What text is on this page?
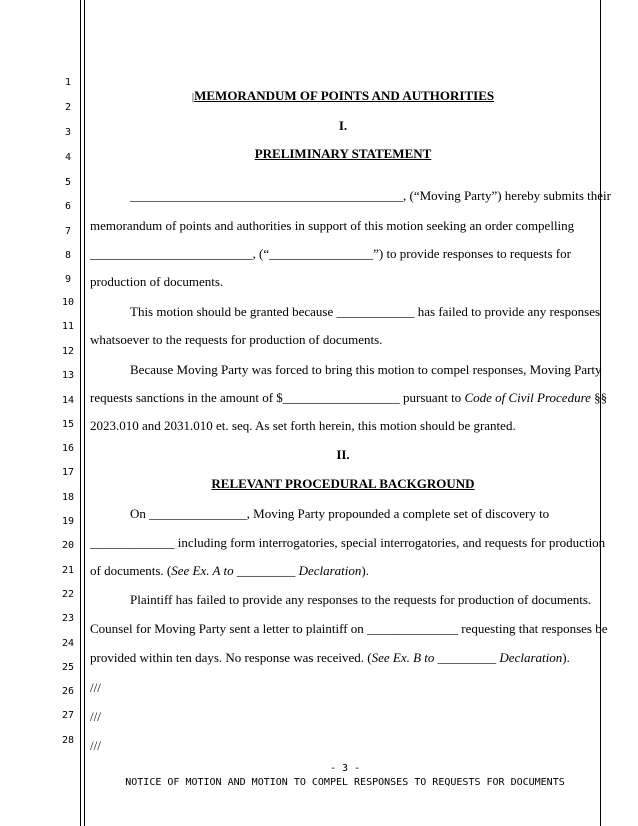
1
2
3
4
5
6
7
8
9
10
11
12
13
14
15
16
17
18
19
20
21
22
23
24
25
26
27
28
|MEMORANDUM OF POINTS AND AUTHORITIES
I.
PRELIMINARY STATEMENT
__________________________________________, (“Moving Party”) hereby submits their
memorandum of points and authorities in support of this motion seeking an order compelling
_________________________, (“________________”) to provide responses to requests for
production of documents.
This motion should be granted because ____________ has failed to provide any responses
whatsoever to the requests for production of documents.
Because Moving Party was forced to bring this motion to compel responses, Moving Party
requests sanctions in the amount of $__________________ pursuant to Code of Civil Procedure §§
2023.010 and 2031.010 et. seq. As set forth herein, this motion should be granted.
II.
RELEVANT PROCEDURAL BACKGROUND
On _______________, Moving Party propounded a complete set of discovery to
_____________ including form interrogatories, special interrogatories, and requests for production
of documents. (See Ex. A to _________ Declaration).
Plaintiff has failed to provide any responses to the requests for production of documents.
Counsel for Moving Party sent a letter to plaintiff on ______________ requesting that responses be
provided within ten days. No response was received. (See Ex. B to _________ Declaration).
///
///
///
- 3 -
NOTICE OF MOTION AND MOTION TO COMPEL RESPONSES TO REQUESTS FOR DOCUMENTS
